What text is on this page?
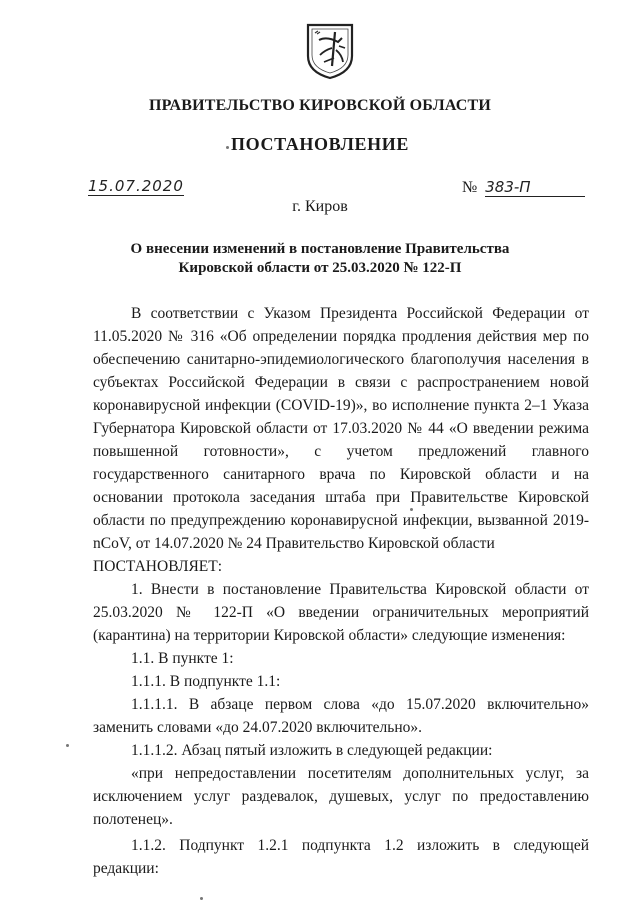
ПРАВИТЕЛЬСТВО КИРОВСКОЙ ОБЛАСТИ
ПОСТАНОВЛЕНИЕ
15.07.2020	№ 383-П
г. Киров
О внесении изменений в постановление Правительства
Кировской области от 25.03.2020 № 122-П

В соответствии с Указом Президента Российской Федерации от 11.05.2020 № 316 «Об определении порядка продления действия мер по обеспечению санитарно-эпидемиологического благополучия населения в субъектах Российской Федерации в связи с распространением новой коронавирусной инфекции (COVID-19)», во исполнение пункта 2–1 Указа Губернатора Кировской области от 17.03.2020 № 44 «О введении режима повышенной готовности», с учетом предложений главного государственного санитарного врача по Кировской области и на основании протокола заседания штаба при Правительстве Кировской области по предупреждению коронавирусной инфекции, вызванной 2019-nCoV, от 14.07.2020 № 24 Правительство Кировской области

ПОСТАНОВЛЯЕТ:

1. Внести в постановление Правительства Кировской области от 25.03.2020 № 122-П «О введении ограничительных мероприятий (карантина) на территории Кировской области» следующие изменения:

1.1. В пункте 1:

1.1.1. В подпункте 1.1:

1.1.1.1. В абзаце первом слова «до 15.07.2020 включительно» заменить словами «до 24.07.2020 включительно».

1.1.1.2. Абзац пятый изложить в следующей редакции:

«при непредоставлении посетителям дополнительных услуг, за исключением услуг раздевалок, душевых, услуг по предоставлению полотенец».

1.1.2. Подпункт 1.2.1 подпункта 1.2 изложить в следующей редакции:
